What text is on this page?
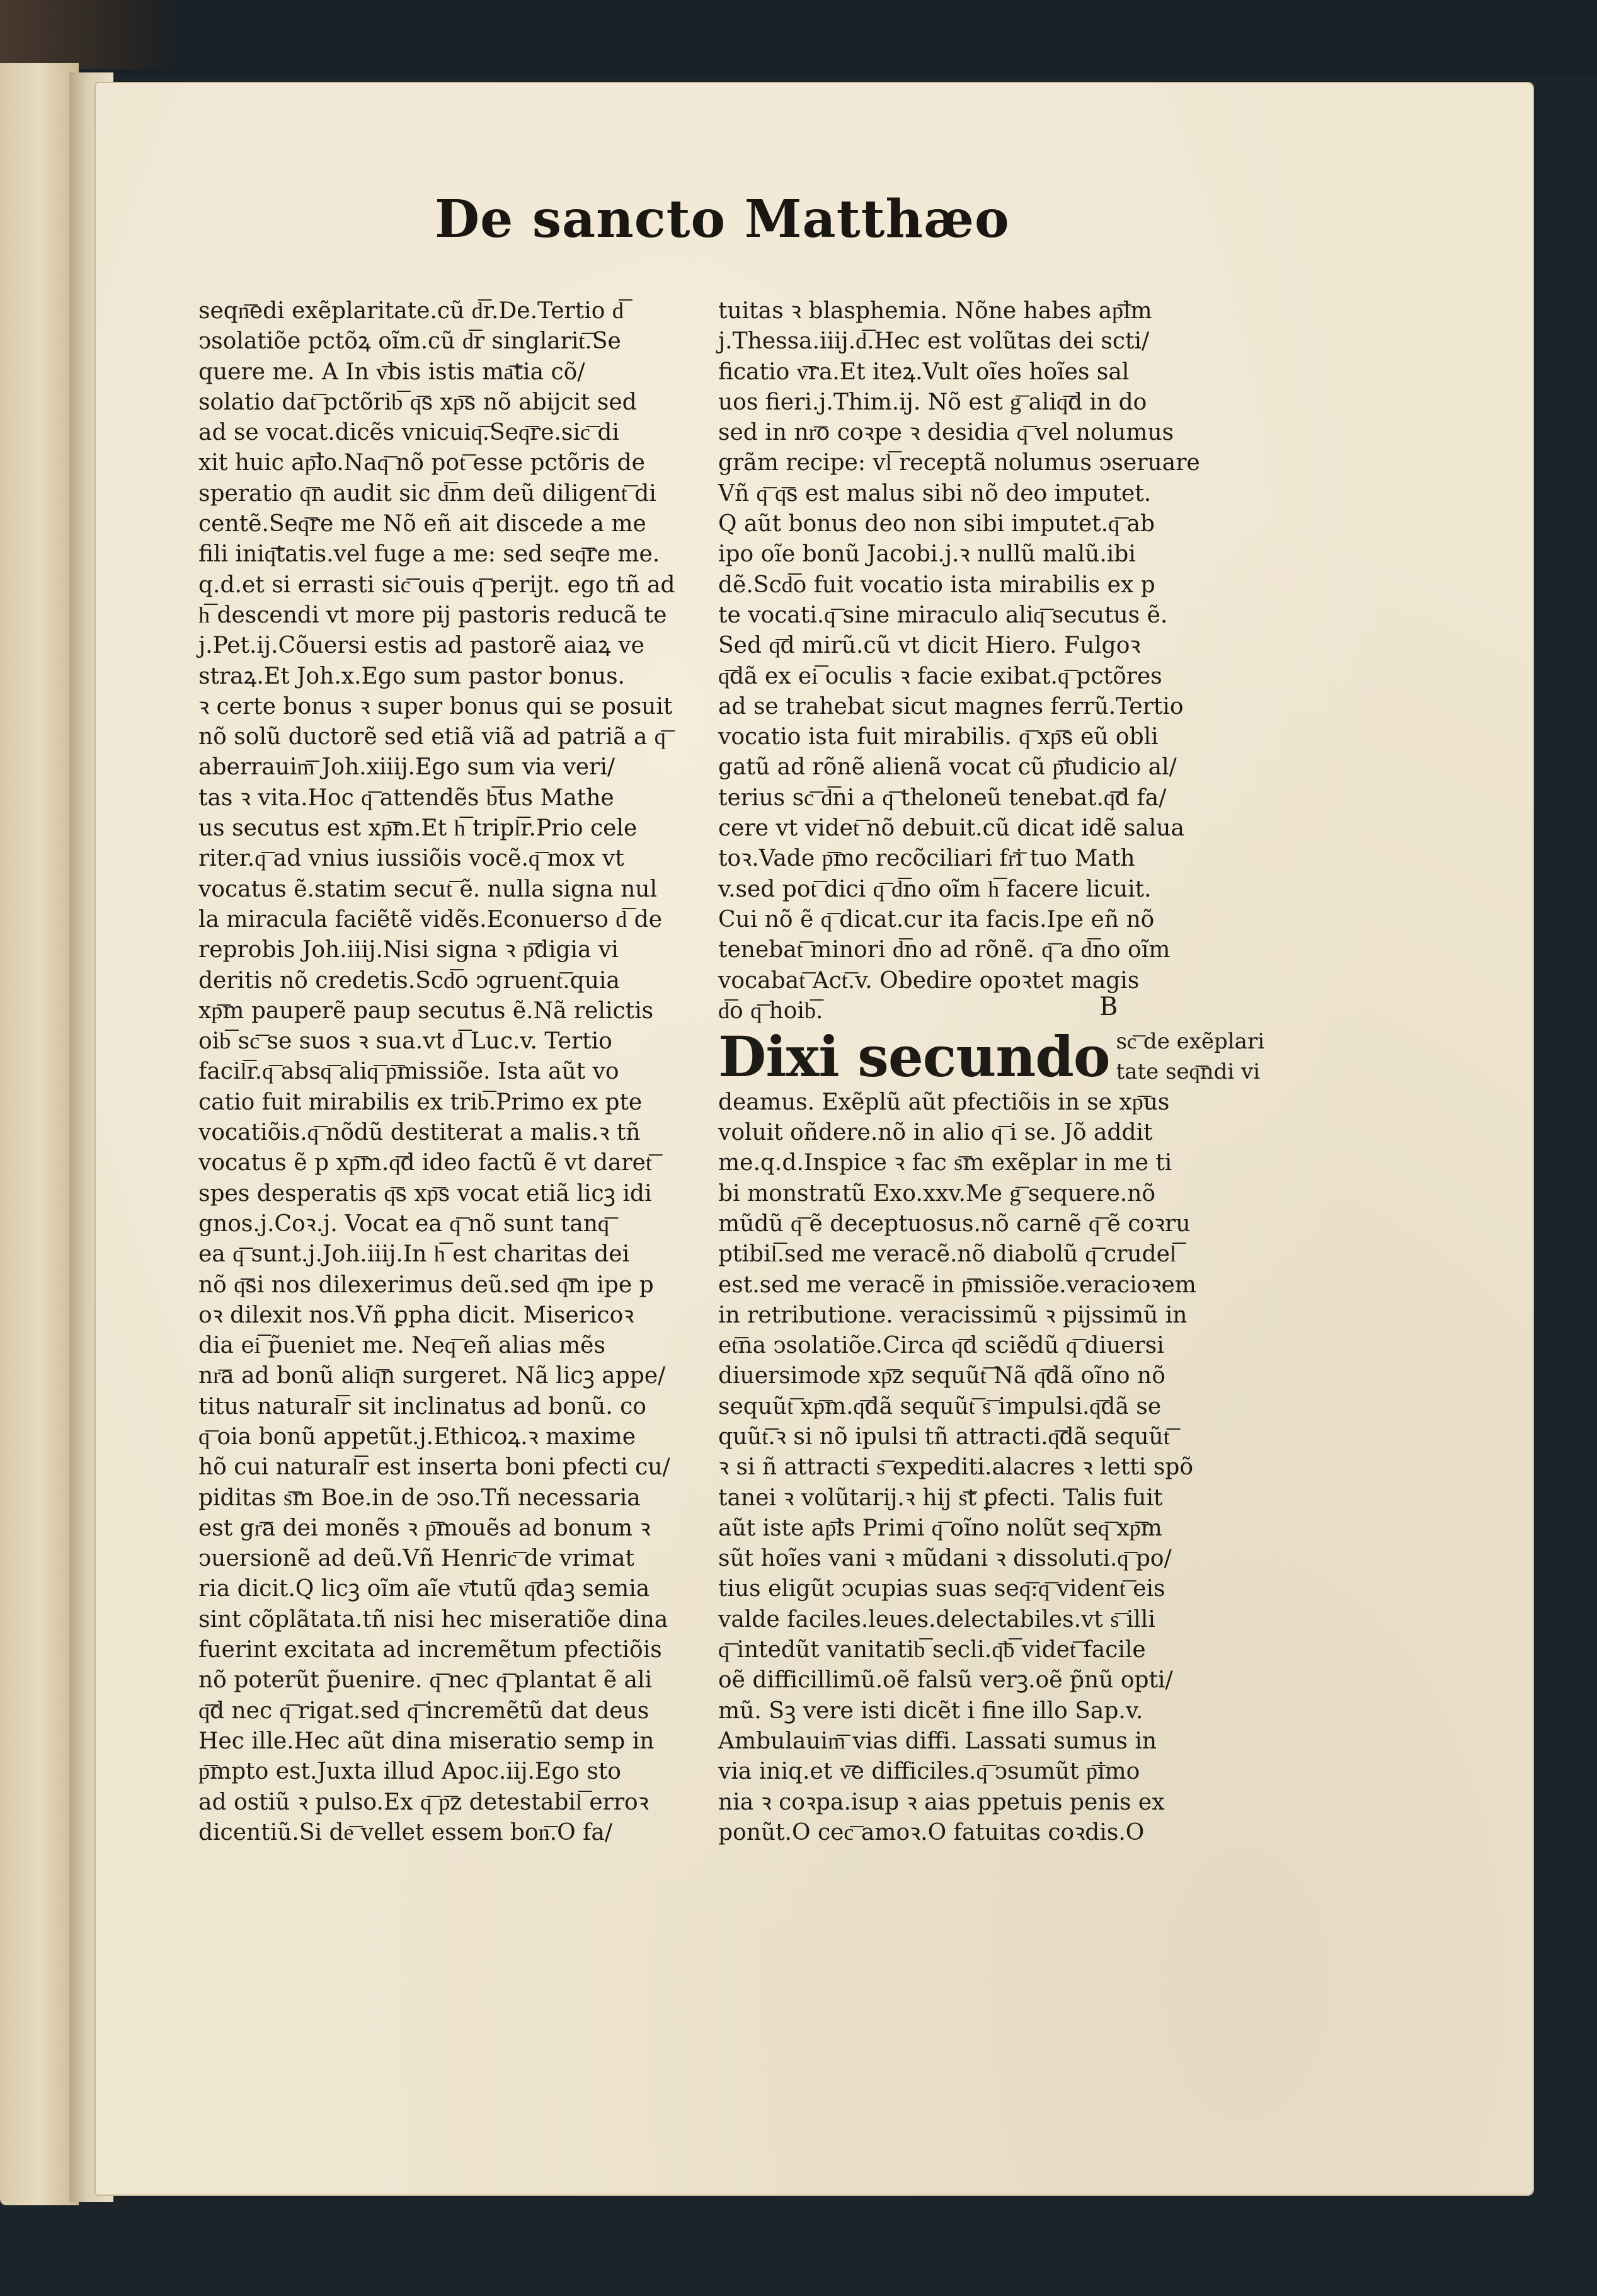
De sancto Matthæo
seqn͞edi exẽplaritate.cũ d͞r.De.Tertio d͞
ↄsolatiõe pctõꝝ oĩm.cũ d͞r singlarit͞.Se
quere me. A In v͞bis istis ma͞tia cõ/
solatio dat͞ pctõrib͞ q͞s xp͞s nõ abijcit sed
ad se vocat.dicẽs vnicuiq͞.Seq͞re.sic͞ di
xit huic ap͞lo.Naq͞ nõ pot͞ esse pctõris de
speratio q͞n audit sic d͞nm deũ diligent͞ di
centẽ.Seq͞re me Nõ eñ ait discede a me
fili iniq͞tatis.vel fuge a me: sed seq͞re me.
q.d.et si errasti sic͞ ouis q͞ perijt. ego tñ ad
h͞ descendi vt more pij pastoris reducã te
j.Pet.ij.Cõuersi estis ad pastorẽ aiaꝝ ve
straꝝ.Et Joh.x.Ego sum pastor bonus.
ꝛ certe bonus ꝛ super bonus qui se posuit
nõ solũ ductorẽ sed etiã viã ad patriã a q͞
aberrauim͞ Joh.xiiij.Ego sum via veri/
tas ꝛ vita.Hoc q͞ attendẽs b͞tus Mathe
us secutus est xp͞m.Et h͞ tripl͞r.Prio cele
riter.q͞ ad vnius iussiõis vocẽ.q͞ mox vt
vocatus ẽ.statim secut͞ ẽ. nulla signa nul
la miracula faciẽtẽ vidẽs.Econuerso d͞ de
reprobis Joh.iiij.Nisi signa ꝛ p͞digia vi
deritis nõ credetis.Scd͞o ↄgruent͞.quia
xp͞m pauperẽ paup secutus ẽ.Nã relictis
oib͞ sc͞ se suos ꝛ sua.vt d͞ Luc.v. Tertio
facil͞r.q͞ absq͞ aliq͞ p͞missiõe. Ista aũt vo
catio fuit mirabilis ex trib͞.Primo ex pte
vocatiõis.q͞ nõdũ destiterat a malis.ꝛ tñ
vocatus ẽ p xp͞m.q͞d ideo factũ ẽ vt daret͞
spes desperatis q͞s xp͞s vocat etiã licꝫ idi
gnos.j.Coꝛ.j. Vocat ea q͞ nõ sunt tanq͞
ea q͞ sunt.j.Joh.iiij.In h͞ est charitas dei
nõ q͞si nos dilexerimus deũ.sed q͞m ipe p
oꝛ dilexit nos.Vñ ꝑpha dicit. Misericoꝛ
dia ei͞ p̃ueniet me. Neq͞ eñ alias mẽs
nr͞a ad bonũ aliq͞n surgeret. Nã licꝫ appe/
titus natural͞r sit inclinatus ad bonũ. co
q͞ oia bonũ appetũt.j.Ethicoꝝ.ꝛ maxime
hõ cui natural͞r est inserta boni pfecti cu/
piditas s͞m Boe.in de ↄso.Tñ necessaria
est gr͞a dei monẽs ꝛ p͞mouẽs ad bonum ꝛ
ↄuersionẽ ad deũ.Vñ Henric͞ de vrimat
ria dicit.Q licꝫ oĩm aĩe v͞tutũ q͞daꝫ semia
sint cõplãtata.tñ nisi hec miseratiõe dina
fuerint excitata ad incremẽtum pfectiõis
nõ poterũt p̃uenire. q͞ nec q͞ plantat ẽ ali
q͞d nec q͞ rigat.sed q͞ incremẽtũ dat deus
Hec ille.Hec aũt dina miseratio semp in
p͞mpto est.Juxta illud Apoc.iij.Ego sto
ad ostiũ ꝛ pulso.Ex q͞ p͞z detestabil͞ erroꝛ
dicentiũ.Si de͞ vellet essem bon͞.O fa/
tuitas ꝛ blasphemia. Nõne habes ap͞lm
j.Thessa.iiij.d͞.Hec est volũtas dei scti/
ficatio v͞ra.Et iteꝝ.Vult oĩes hoĩes sal
uos fieri.j.Thim.ij. Nõ est g͞ aliq͞d in do
sed in nr͞o coꝛpe ꝛ desidia q͞ vel nolumus
grãm recipe: vl͞ receptã nolumus ↄseruare
Vñ q͞ q͞s est malus sibi nõ deo imputet.
Q aũt bonus deo non sibi imputet.q͞ ab
ipo oĩe bonũ Jacobi.j.ꝛ nullũ malũ.ibi
dẽ.Scd͞o fuit vocatio ista mirabilis ex p
te vocati.q͞ sine miraculo aliq͞ secutus ẽ.
Sed q͞d mirũ.cũ vt dicit Hiero. Fulgoꝛ
q͞dã ex ei͞ oculis ꝛ facie exibat.q͞ pctõres
ad se trahebat sicut magnes ferrũ.Tertio
vocatio ista fuit mirabilis. q͞ xp͞s eũ obli
gatũ ad rõnẽ alienã vocat cũ p͞iudicio al/
terius sc͞ d͞ni a q͞ theloneũ tenebat.q͞d fa/
cere vt videt͞ nõ debuit.cũ dicat idẽ salua
toꝛ.Vade p͞mo recõciliari fr͞i tuo Math
v.sed pot͞ dici q͞ d͞no oĩm h͞ facere licuit.
Cui nõ ẽ q͞ dicat.cur ita facis.Ipe eñ nõ
tenebat͞ minori d͞no ad rõnẽ. q͞ a d͞no oĩm
vocabat͞ Act͞.v. Obedire opoꝛtet magis
d͞o q͞ hoib͞.
Dixi secundo sc͞ de exẽplari
tate seq͞ndi vi
deamus. Exẽplũ aũt pfectiõis in se xp͞us
voluit oñdere.nõ in alio q͞ i se. Jõ addit
me.q.d.Inspice ꝛ fac s͞m exẽplar in me ti
bi monstratũ Exo.xxv.Me g͞ sequere.nõ
mũdũ q͞ ẽ deceptuosus.nõ carnẽ q͞ ẽ coꝛru
ptibil͞.sed me veracẽ.nõ diabolũ q͞ crudel͞
est.sed me veracẽ in p͞missiõe.veracioꝛem
in retributione. veracissimũ ꝛ pijssimũ in
et͞na ↄsolatiõe.Circa q͞d sciẽdũ q͞ diuersi
diuersimode xp͞z sequũt͞ Nã q͞dã oĩno nõ
sequũt͞ xp͞m.q͞dã sequũt͞ s͞ impulsi.q͞dã se
quũt͞.ꝛ si nõ ipulsi tñ attracti.q͞dã sequũt͞
ꝛ si ñ attracti s͞ expediti.alacres ꝛ letti spõ
tanei ꝛ volũtarij.ꝛ hij s͞t ꝑfecti. Talis fuit
aũt iste ap͞ls Primi q͞ oĩno nolũt seq͞ xp͞m
sũt hoĩes vani ꝛ mũdani ꝛ dissoluti.q͞ po/
tius eligũt ↄcupias suas seq͞:q͞ vident͞ eis
valde faciles.leues.delectabiles.vt s͞ illi
q͞ intedũt vanitatib͞ secli.q͞b͞ videt͞ facile
oẽ difficillimũ.oẽ falsũ verꝫ.oẽ p̃nũ opti/
mũ. Sꝫ vere isti dicẽt i fine illo Sap.v.
Ambulauim͞ vias diffi. Lassati sumus in
via iniq.et v͞e difficiles.q͞ ↄsumũt p͞imo
nia ꝛ coꝛpa.isup ꝛ aias ppetuis penis ex
ponũt.O cec͞ amoꝛ.O fatuitas coꝛdis.O
B
